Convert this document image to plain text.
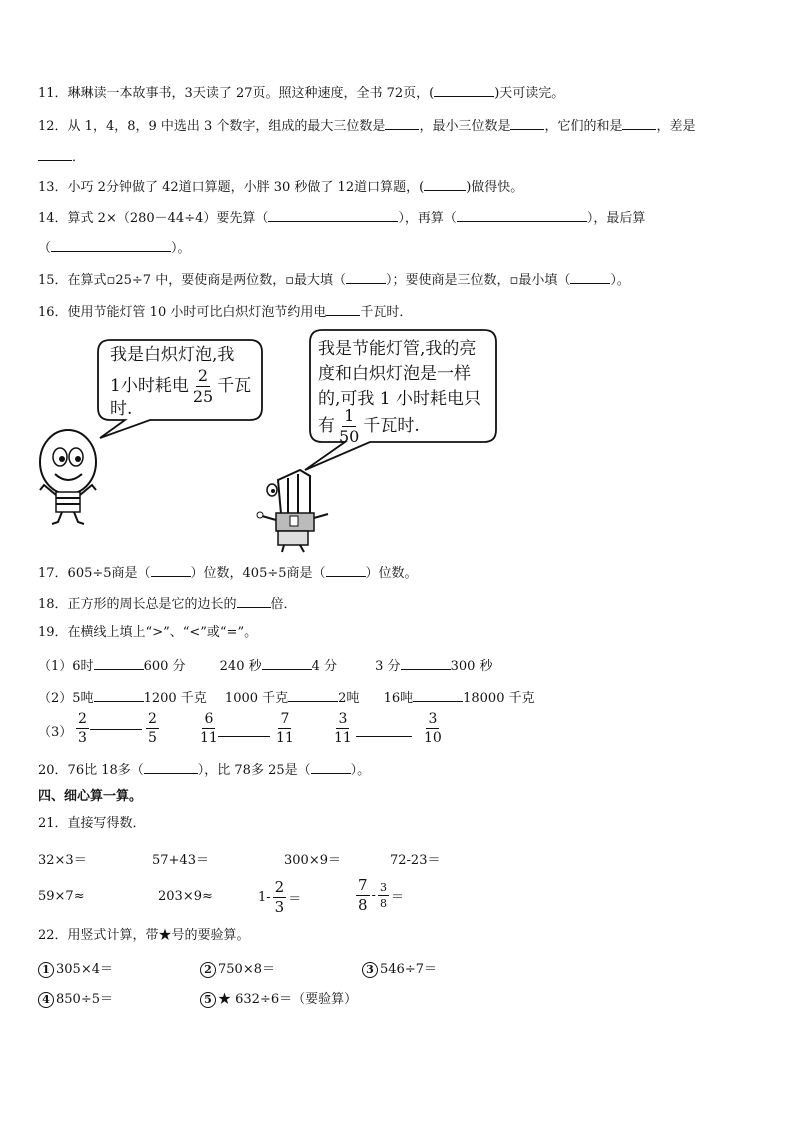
11．琳琳读一本故事书，3天读了 27页。照这种速度，全书 72页，(	)天可读完。
12．从 1，4，8，9 中选出 3 个数字，组成的最大三位数是	，最小三位数是	，它们的和是	，差是
．
13．小巧 2分钟做了 42道口算题，小胖 30 秒做了 12道口算题，(	)做得快。
14．算式 2×（280－44÷4）要先算（	），再算（	），最后算
（	）。
15．在算式▫25÷7 中，要使商是两位数，▫最大填（	）；要使商是三位数，▫最小填（	）。
16．使用节能灯管 10 小时可比白炽灯泡节约用电	千瓦时．
我是白炽灯泡,我
1小时耗电 $\frac{2}{25}$ 千瓦
时.
我是节能灯管,我的亮
度和白炽灯泡是一样
的,可我 1 小时耗电只
有 $\frac{1}{50}$ 千瓦时.
17．605÷5商是（	）位数，405÷5商是（	）位数。
18．正方形的周长总是它的边长的	倍．
19．在横线上填上“>”、“<”或“=”。
（1）6时	600 分	240 秒	4 分	3 分	300 秒
（2）5吨	1200 千克 1000 千克	2吨 16吨	18000 千克
$(3) \frac{2}{3}$	$\frac{2}{5}$	$\frac{6}{11}$	$\frac{7}{11}$	$\frac{3}{11}$	$\frac{3}{10}$
20．76比 18多（	），比 78多 25是（	）。
四、细心算一算。
21．直接写得数．
32×3＝	57+43＝	300×9＝	72-23＝
59×7≈	203×9≈	$1- \frac{2}{3}$ ＝	$\frac{7}{8} - \frac{3}{8}$ ＝
22．用竖式计算，带★号的要验算。
1 305×4＝	2 750×8＝	3 546÷7＝
4 850÷5＝	5 ★ 632÷6＝（要验算）
